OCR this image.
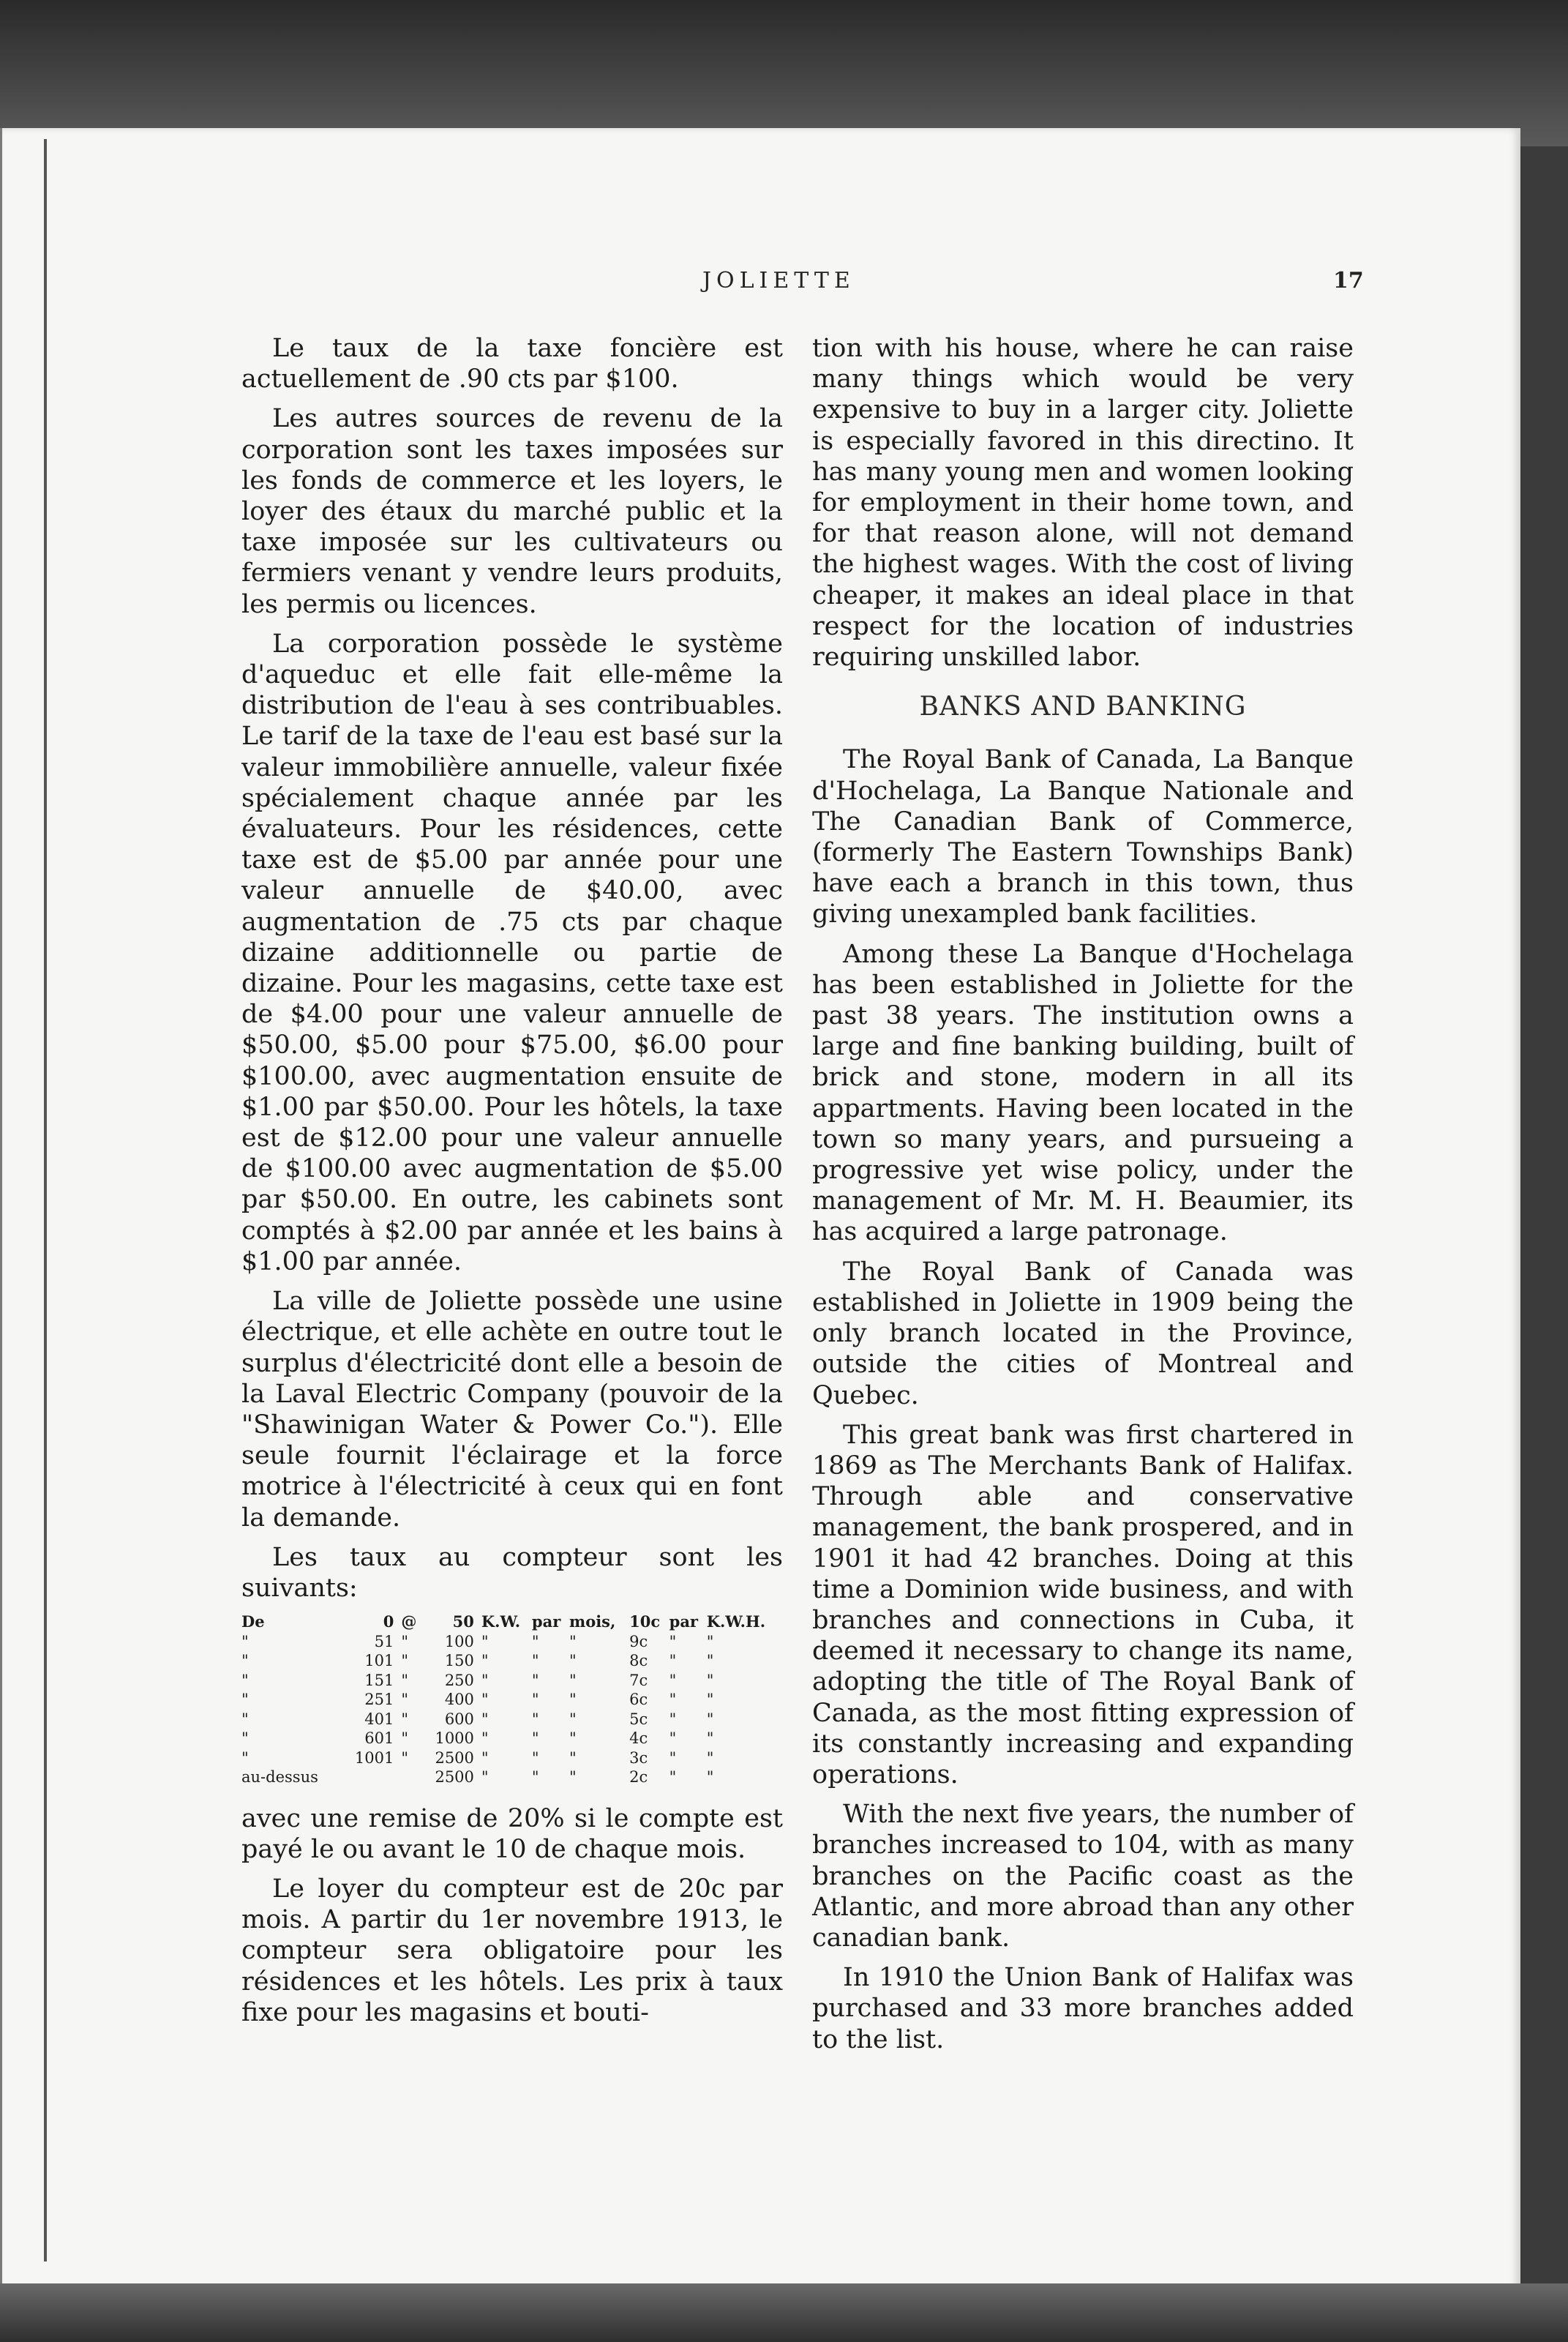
JOLIETTE	17

Le taux de la taxe foncière est actuellement de .90 cts par $100.

Les autres sources de revenu de la corporation sont les taxes imposées sur les fonds de commerce et les loyers, le loyer des étaux du marché public et la taxe imposée sur les cultivateurs ou fermiers venant y vendre leurs produits, les permis ou licences.

La corporation possède le système d'aqueduc et elle fait elle-même la distribution de l'eau à ses contribuables. Le tarif de la taxe de l'eau est basé sur la valeur immobilière annuelle, valeur fixée spécialement chaque année par les évaluateurs. Pour les résidences, cette taxe est de $5.00 par année pour une valeur annuelle de $40.00, avec augmentation de .75 cts par chaque dizaine additionnelle ou partie de dizaine. Pour les magasins, cette taxe est de $4.00 pour une valeur annuelle de $50.00, $5.00 pour $75.00, $6.00 pour $100.00, avec augmentation ensuite de $1.00 par $50.00. Pour les hôtels, la taxe est de $12.00 pour une valeur annuelle de $100.00 avec augmentation de $5.00 par $50.00. En outre, les cabinets sont comptés à $2.00 par année et les bains à $1.00 par année.

La ville de Joliette possède une usine électrique, et elle achète en outre tout le surplus d'électricité dont elle a besoin de la Laval Electric Company (pouvoir de la "Shawinigan Water & Power Co."). Elle seule fournit l'éclairage et la force motrice à l'électricité à ceux qui en font la demande.

Les taux au compteur sont les suivants:

De	0	@	50	K.W.	par	mois,	10c	par	K.W.H.
"	51	"	100	"	"	"	9c	"	"
"	101	"	150	"	"	"	8c	"	"
"	151	"	250	"	"	"	7c	"	"
"	251	"	400	"	"	"	6c	"	"
"	401	"	600	"	"	"	5c	"	"
"	601	"	1000	"	"	"	4c	"	"
"	1001	"	2500	"	"	"	3c	"	"
au-dessus			2500	"	"	"	2c	"	"

avec une remise de 20% si le compte est payé le ou avant le 10 de chaque mois.

Le loyer du compteur est de 20c par mois. A partir du 1er novembre 1913, le compteur sera obligatoire pour les résidences et les hôtels. Les prix à taux fixe pour les magasins et bouti-

tion with his house, where he can raise many things which would be very expensive to buy in a larger city. Joliette is especially favored in this directino. It has many young men and women looking for employment in their home town, and for that reason alone, will not demand the highest wages. With the cost of living cheaper, it makes an ideal place in that respect for the location of industries requiring unskilled labor.

BANKS AND BANKING

The Royal Bank of Canada, La Banque d'Hochelaga, La Banque Nationale and The Canadian Bank of Commerce, (formerly The Eastern Townships Bank) have each a branch in this town, thus giving unexampled bank facilities.

Among these La Banque d'Hochelaga has been established in Joliette for the past 38 years. The institution owns a large and fine banking building, built of brick and stone, modern in all its appartments. Having been located in the town so many years, and pursueing a progressive yet wise policy, under the management of Mr. M. H. Beaumier, its has acquired a large patronage.

The Royal Bank of Canada was established in Joliette in 1909 being the only branch located in the Province, outside the cities of Montreal and Quebec.

This great bank was first chartered in 1869 as The Merchants Bank of Halifax. Through able and conservative management, the bank prospered, and in 1901 it had 42 branches. Doing at this time a Dominion wide business, and with branches and connections in Cuba, it deemed it necessary to change its name, adopting the title of The Royal Bank of Canada, as the most fitting expression of its constantly increasing and expanding operations.

With the next five years, the number of branches increased to 104, with as many branches on the Pacific coast as the Atlantic, and more abroad than any other canadian bank.

In 1910 the Union Bank of Halifax was purchased and 33 more branches added to the list.
